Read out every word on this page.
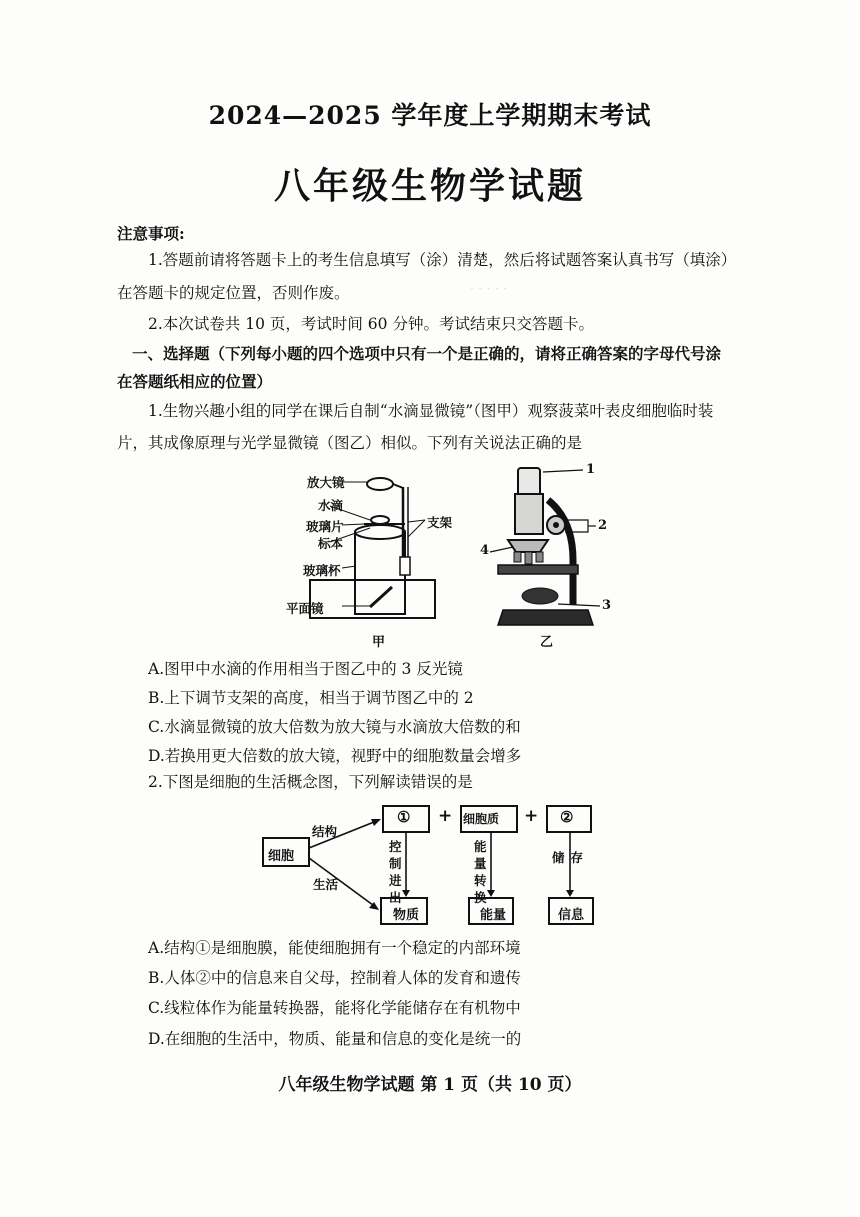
· · · · ·
2024—2025 学年度上学期期末考试
八年级生物学试题
注意事项:
1.答题前请将答题卡上的考生信息填写（涂）清楚，然后将试题答案认真书写（填涂）
在答题卡的规定位置，否则作废。
2.本次试卷共 10 页，考试时间 60 分钟。考试结束只交答题卡。
一、选择题（下列每小题的四个选项中只有一个是正确的，请将正确答案的字母代号涂
在答题纸相应的位置）
1.生物兴趣小组的同学在课后自制“水滴显微镜”（图甲）观察菠菜叶表皮细胞临时装
片，其成像原理与光学显微镜（图乙）相似。下列有关说法正确的是
放大镜
水滴
玻璃片
标本
玻璃杯
平面镜
支架
甲
1
2
3
4
乙
A.图甲中水滴的作用相当于图乙中的 3 反光镜
B.上下调节支架的高度，相当于调节图乙中的 2
C.水滴显微镜的放大倍数为放大镜与水滴放大倍数的和
D.若换用更大倍数的放大镜，视野中的细胞数量会增多
2.下图是细胞的生活概念图，下列解读错误的是
细胞
结构
生活
① + 细胞质 + ②
控制进出
能量转换
储存
物质	能量	信息
A.结构①是细胞膜，能使细胞拥有一个稳定的内部环境
B.人体②中的信息来自父母，控制着人体的发育和遗传
C.线粒体作为能量转换器，能将化学能储存在有机物中
D.在细胞的生活中，物质、能量和信息的变化是统一的
八年级生物学试题 第 1 页（共 10 页）
